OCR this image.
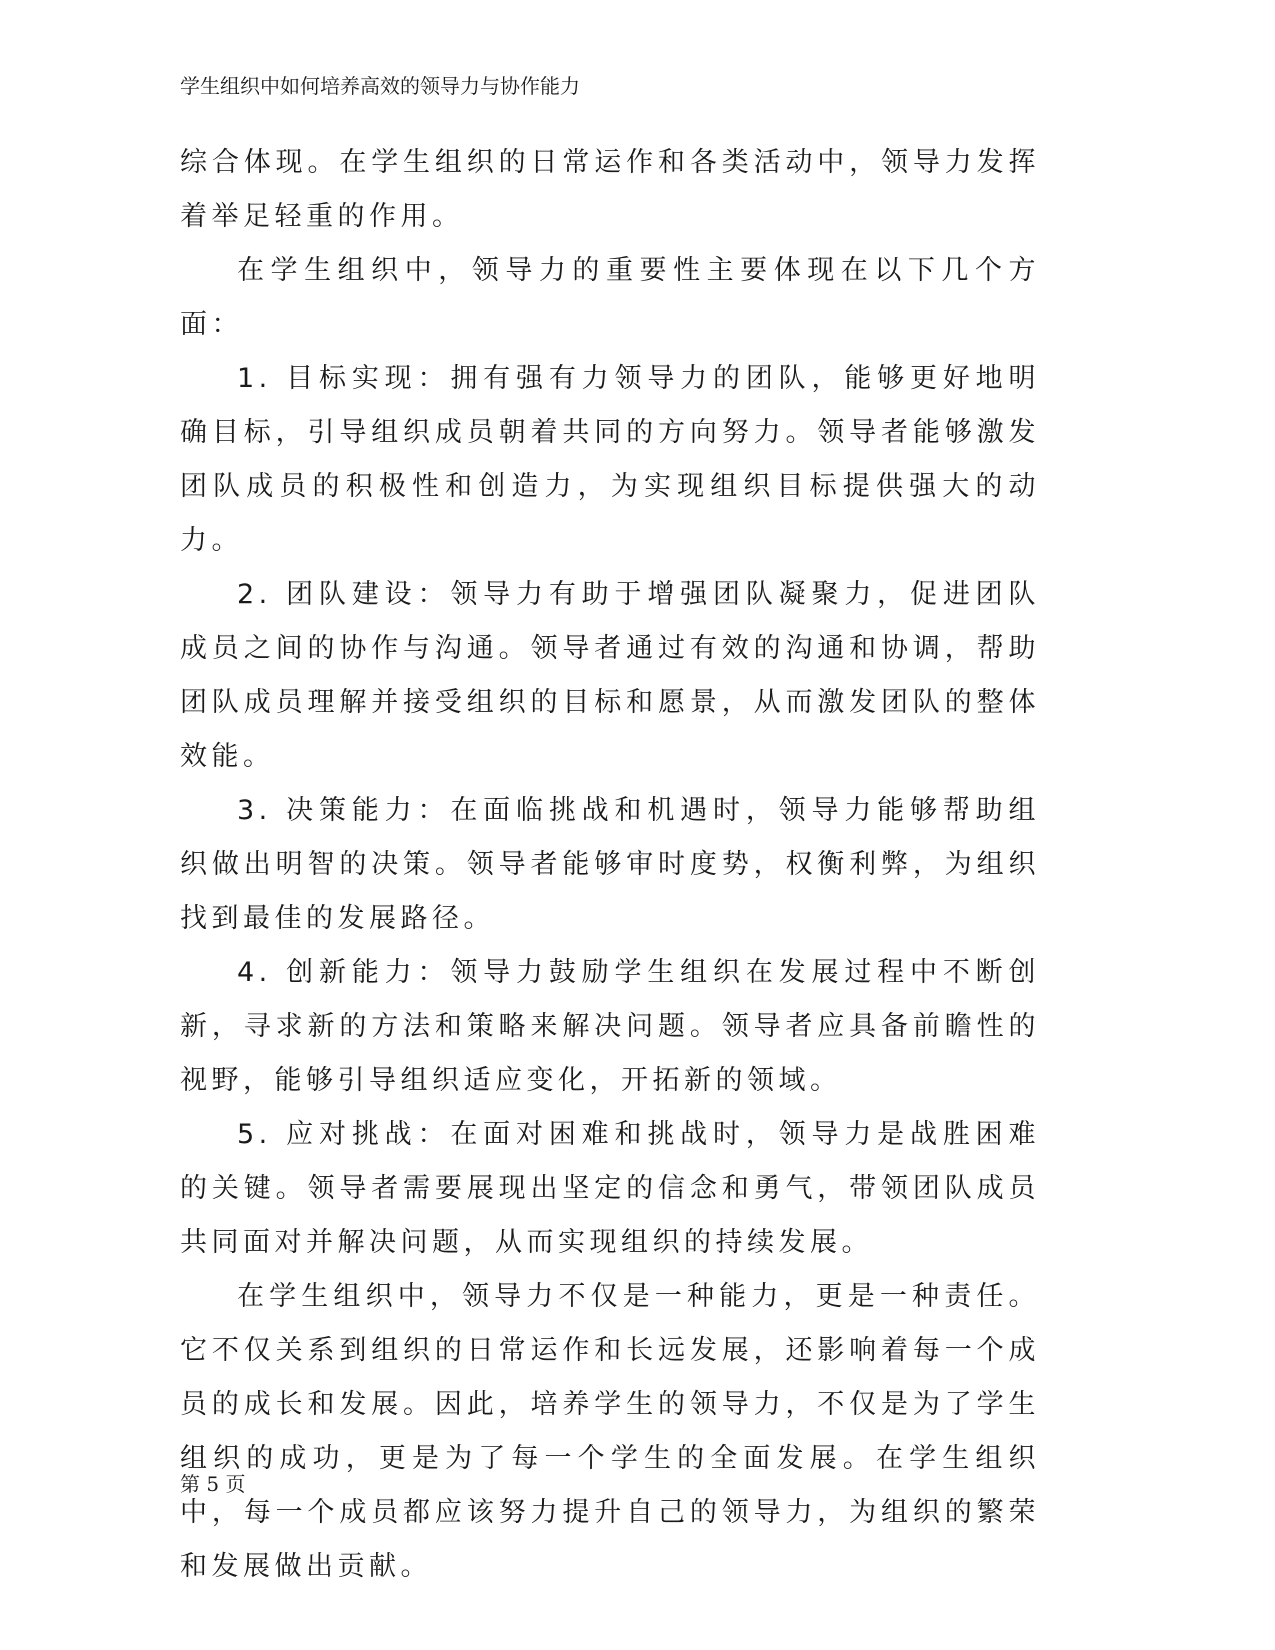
学生组织中如何培养高效的领导力与协作能力

综合体现。在学生组织的日常运作和各类活动中，领导力发挥着举足轻重的作用。

在学生组织中，领导力的重要性主要体现在以下几个方面：

1. 目标实现：拥有强有力领导力的团队，能够更好地明确目标，引导组织成员朝着共同的方向努力。领导者能够激发团队成员的积极性和创造力，为实现组织目标提供强大的动力。

2. 团队建设：领导力有助于增强团队凝聚力，促进团队成员之间的协作与沟通。领导者通过有效的沟通和协调，帮助团队成员理解并接受组织的目标和愿景，从而激发团队的整体效能。

3. 决策能力：在面临挑战和机遇时，领导力能够帮助组织做出明智的决策。领导者能够审时度势，权衡利弊，为组织找到最佳的发展路径。

4. 创新能力：领导力鼓励学生组织在发展过程中不断创新，寻求新的方法和策略来解决问题。领导者应具备前瞻性的视野，能够引导组织适应变化，开拓新的领域。

5. 应对挑战：在面对困难和挑战时，领导力是战胜困难的关键。领导者需要展现出坚定的信念和勇气，带领团队成员共同面对并解决问题，从而实现组织的持续发展。

在学生组织中，领导力不仅是一种能力，更是一种责任。它不仅关系到组织的日常运作和长远发展，还影响着每一个成员的成长和发展。因此，培养学生的领导力，不仅是为了学生组织的成功，更是为了每一个学生的全面发展。在学生组织中，每一个成员都应该努力提升自己的领导力，为组织的繁荣和发展做出贡献。

第 5 页
